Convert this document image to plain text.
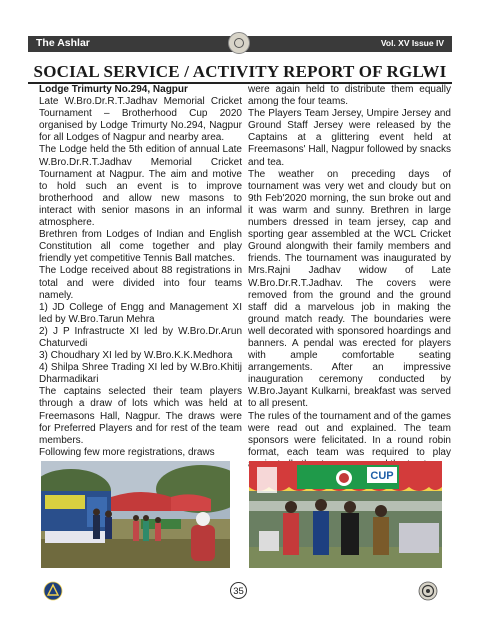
The Ashlar	Vol. XV Issue IV
SOCIAL SERVICE / ACTIVITY REPORT OF RGLWI

Lodge Trimurty No.294, Nagpur

Late W.Bro.Dr.R.T.Jadhav Memorial Cricket Tournament – Brotherhood Cup 2020 organised by Lodge Trimurty No.294, Nagpur for all Lodges of Nagpur and nearby area.

The Lodge held the 5th edition of annual Late W.Bro.Dr.R.T.Jadhav Memorial Cricket Tournament at Nagpur. The aim and motive to hold such an event is to improve brotherhood and allow new masons to interact with senior masons in an informal atmosphere.

Brethren from Lodges of Indian and English Constitution all come together and play friendly yet competitive Tennis Ball matches.

The Lodge received about 88 registrations in total and were divided into four teams namely.

1) JD College of Engg and Management XI led by W.Bro.Tarun Mehra

2) J P Infrastructe XI led by W.Bro.Dr.Arun Chaturvedi

3) Choudhary XI led by W.Bro.K.K.Medhora

4) Shilpa Shree Trading XI led by W.Bro.Khitij Dharmadikari

The captains selected their team players through a draw of lots which was held at Freemasons Hall, Nagpur. The draws were for Preferred Players and for rest of the team members.

Following few more registrations, draws

were again held to distribute them equally among the four teams.

The Players Team Jersey, Umpire Jersey and Ground Staff Jersey were released by the Captains at a glittering event held at Freemasons' Hall, Nagpur followed by snacks and tea.

The weather on preceding days of tournament was very wet and cloudy but on 9th Feb'2020 morning, the sun broke out and it was warm and sunny. Brethren in large numbers dressed in team jersey, cap and sporting gear assembled at the WCL Cricket Ground alongwith their family members and friends. The tournament was inaugurated by Mrs.Rajni Jadhav widow of Late W.Bro.Dr.R.T.Jadhav. The covers were removed from the ground and the ground staff did a marvelous job in making the ground match ready. The boundaries were well decorated with sponsored hoardings and banners. A pendal was erected for players with ample comfortable seating arrangements. After an impressive inauguration ceremony conducted by W.Bro.Jayant Kulkarni, breakfast was served to all present.

The rules of the tournament and of the games were read out and explained. The team sponsors were felicitated. In a round robin format, each team was required to play

CUP
35
